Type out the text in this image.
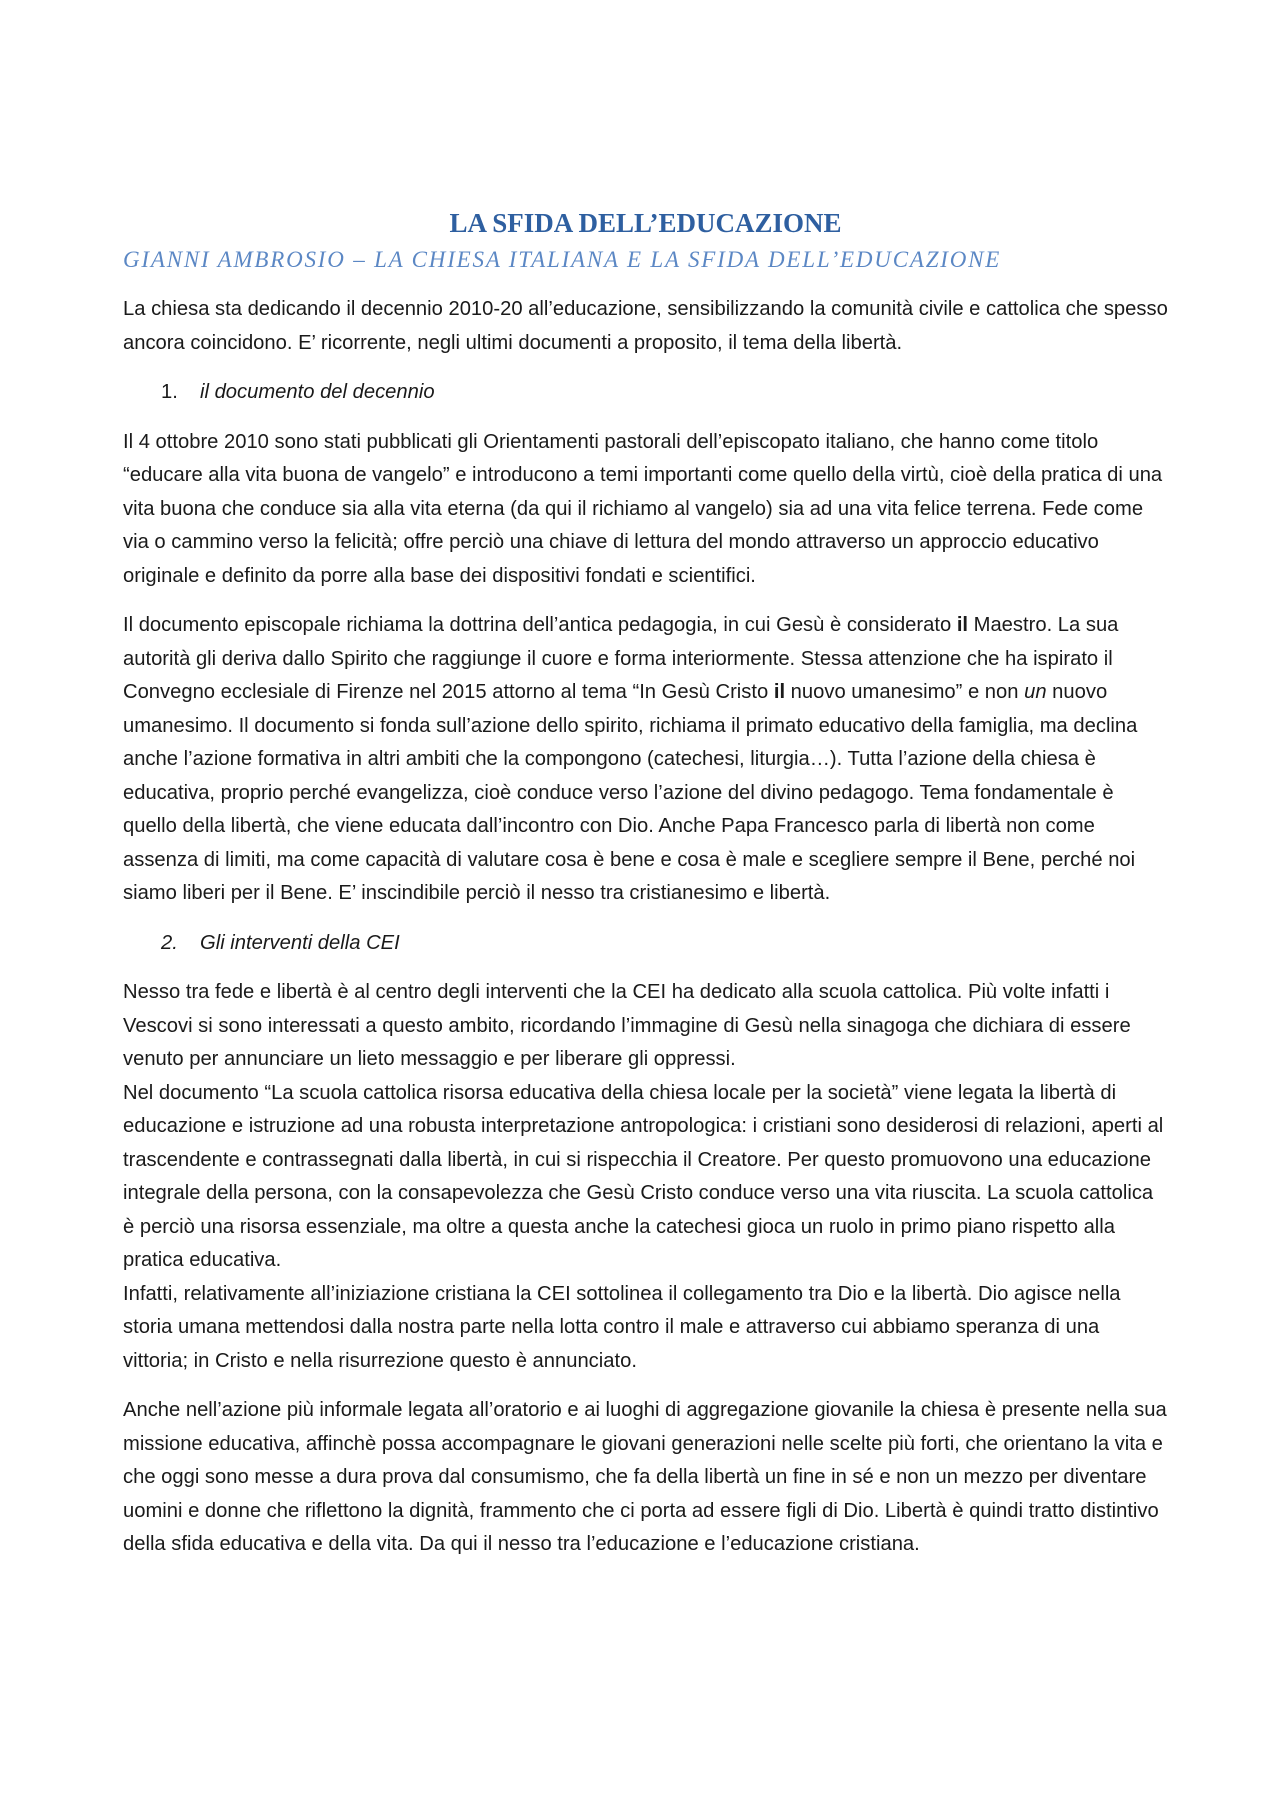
LA SFIDA DELL’EDUCAZIONE
GIANNI AMBROSIO – LA CHIESA ITALIANA E LA SFIDA DELL’EDUCAZIONE

La chiesa sta dedicando il decennio 2010-20 all’educazione, sensibilizzando la comunità civile e cattolica che spesso ancora coincidono. E’ ricorrente, negli ultimi documenti a proposito, il tema della libertà.

1. il documento del decennio

Il 4 ottobre 2010 sono stati pubblicati gli Orientamenti pastorali dell’episcopato italiano, che hanno come titolo “educare alla vita buona de vangelo” e introducono a temi importanti come quello della virtù, cioè della pratica di una vita buona che conduce sia alla vita eterna (da qui il richiamo al vangelo) sia ad una vita felice terrena. Fede come via o cammino verso la felicità; offre perciò una chiave di lettura del mondo attraverso un approccio educativo originale e definito da porre alla base dei dispositivi fondati e scientifici.

Il documento episcopale richiama la dottrina dell’antica pedagogia, in cui Gesù è considerato il Maestro. La sua autorità gli deriva dallo Spirito che raggiunge il cuore e forma interiormente. Stessa attenzione che ha ispirato il Convegno ecclesiale di Firenze nel 2015 attorno al tema “In Gesù Cristo il nuovo umanesimo” e non un nuovo umanesimo. Il documento si fonda sull’azione dello spirito, richiama il primato educativo della famiglia, ma declina anche l’azione formativa in altri ambiti che la compongono (catechesi, liturgia…). Tutta l’azione della chiesa è educativa, proprio perché evangelizza, cioè conduce verso l’azione del divino pedagogo. Tema fondamentale è quello della libertà, che viene educata dall’incontro con Dio. Anche Papa Francesco parla di libertà non come assenza di limiti, ma come capacità di valutare cosa è bene e cosa è male e scegliere sempre il Bene, perché noi siamo liberi per il Bene. E’ inscindibile perciò il nesso tra cristianesimo e libertà.

2. Gli interventi della CEI

Nesso tra fede e libertà è al centro degli interventi che la CEI ha dedicato alla scuola cattolica. Più volte infatti i Vescovi si sono interessati a questo ambito, ricordando l’immagine di Gesù nella sinagoga che dichiara di essere venuto per annunciare un lieto messaggio e per liberare gli oppressi.

Nel documento “La scuola cattolica risorsa educativa della chiesa locale per la società” viene legata la libertà di educazione e istruzione ad una robusta interpretazione antropologica: i cristiani sono desiderosi di relazioni, aperti al trascendente e contrassegnati dalla libertà, in cui si rispecchia il Creatore. Per questo promuovono una educazione integrale della persona, con la consapevolezza che Gesù Cristo conduce verso una vita riuscita. La scuola cattolica è perciò una risorsa essenziale, ma oltre a questa anche la catechesi gioca un ruolo in primo piano rispetto alla pratica educativa.

Infatti, relativamente all’iniziazione cristiana la CEI sottolinea il collegamento tra Dio e la libertà. Dio agisce nella storia umana mettendosi dalla nostra parte nella lotta contro il male e attraverso cui abbiamo speranza di una vittoria; in Cristo e nella risurrezione questo è annunciato.

Anche nell’azione più informale legata all’oratorio e ai luoghi di aggregazione giovanile la chiesa è presente nella sua missione educativa, affinchè possa accompagnare le giovani generazioni nelle scelte più forti, che orientano la vita e che oggi sono messe a dura prova dal consumismo, che fa della libertà un fine in sé e non un mezzo per diventare uomini e donne che riflettono la dignità, frammento che ci porta ad essere figli di Dio. Libertà è quindi tratto distintivo della sfida educativa e della vita. Da qui il nesso tra l’educazione e l’educazione cristiana.
